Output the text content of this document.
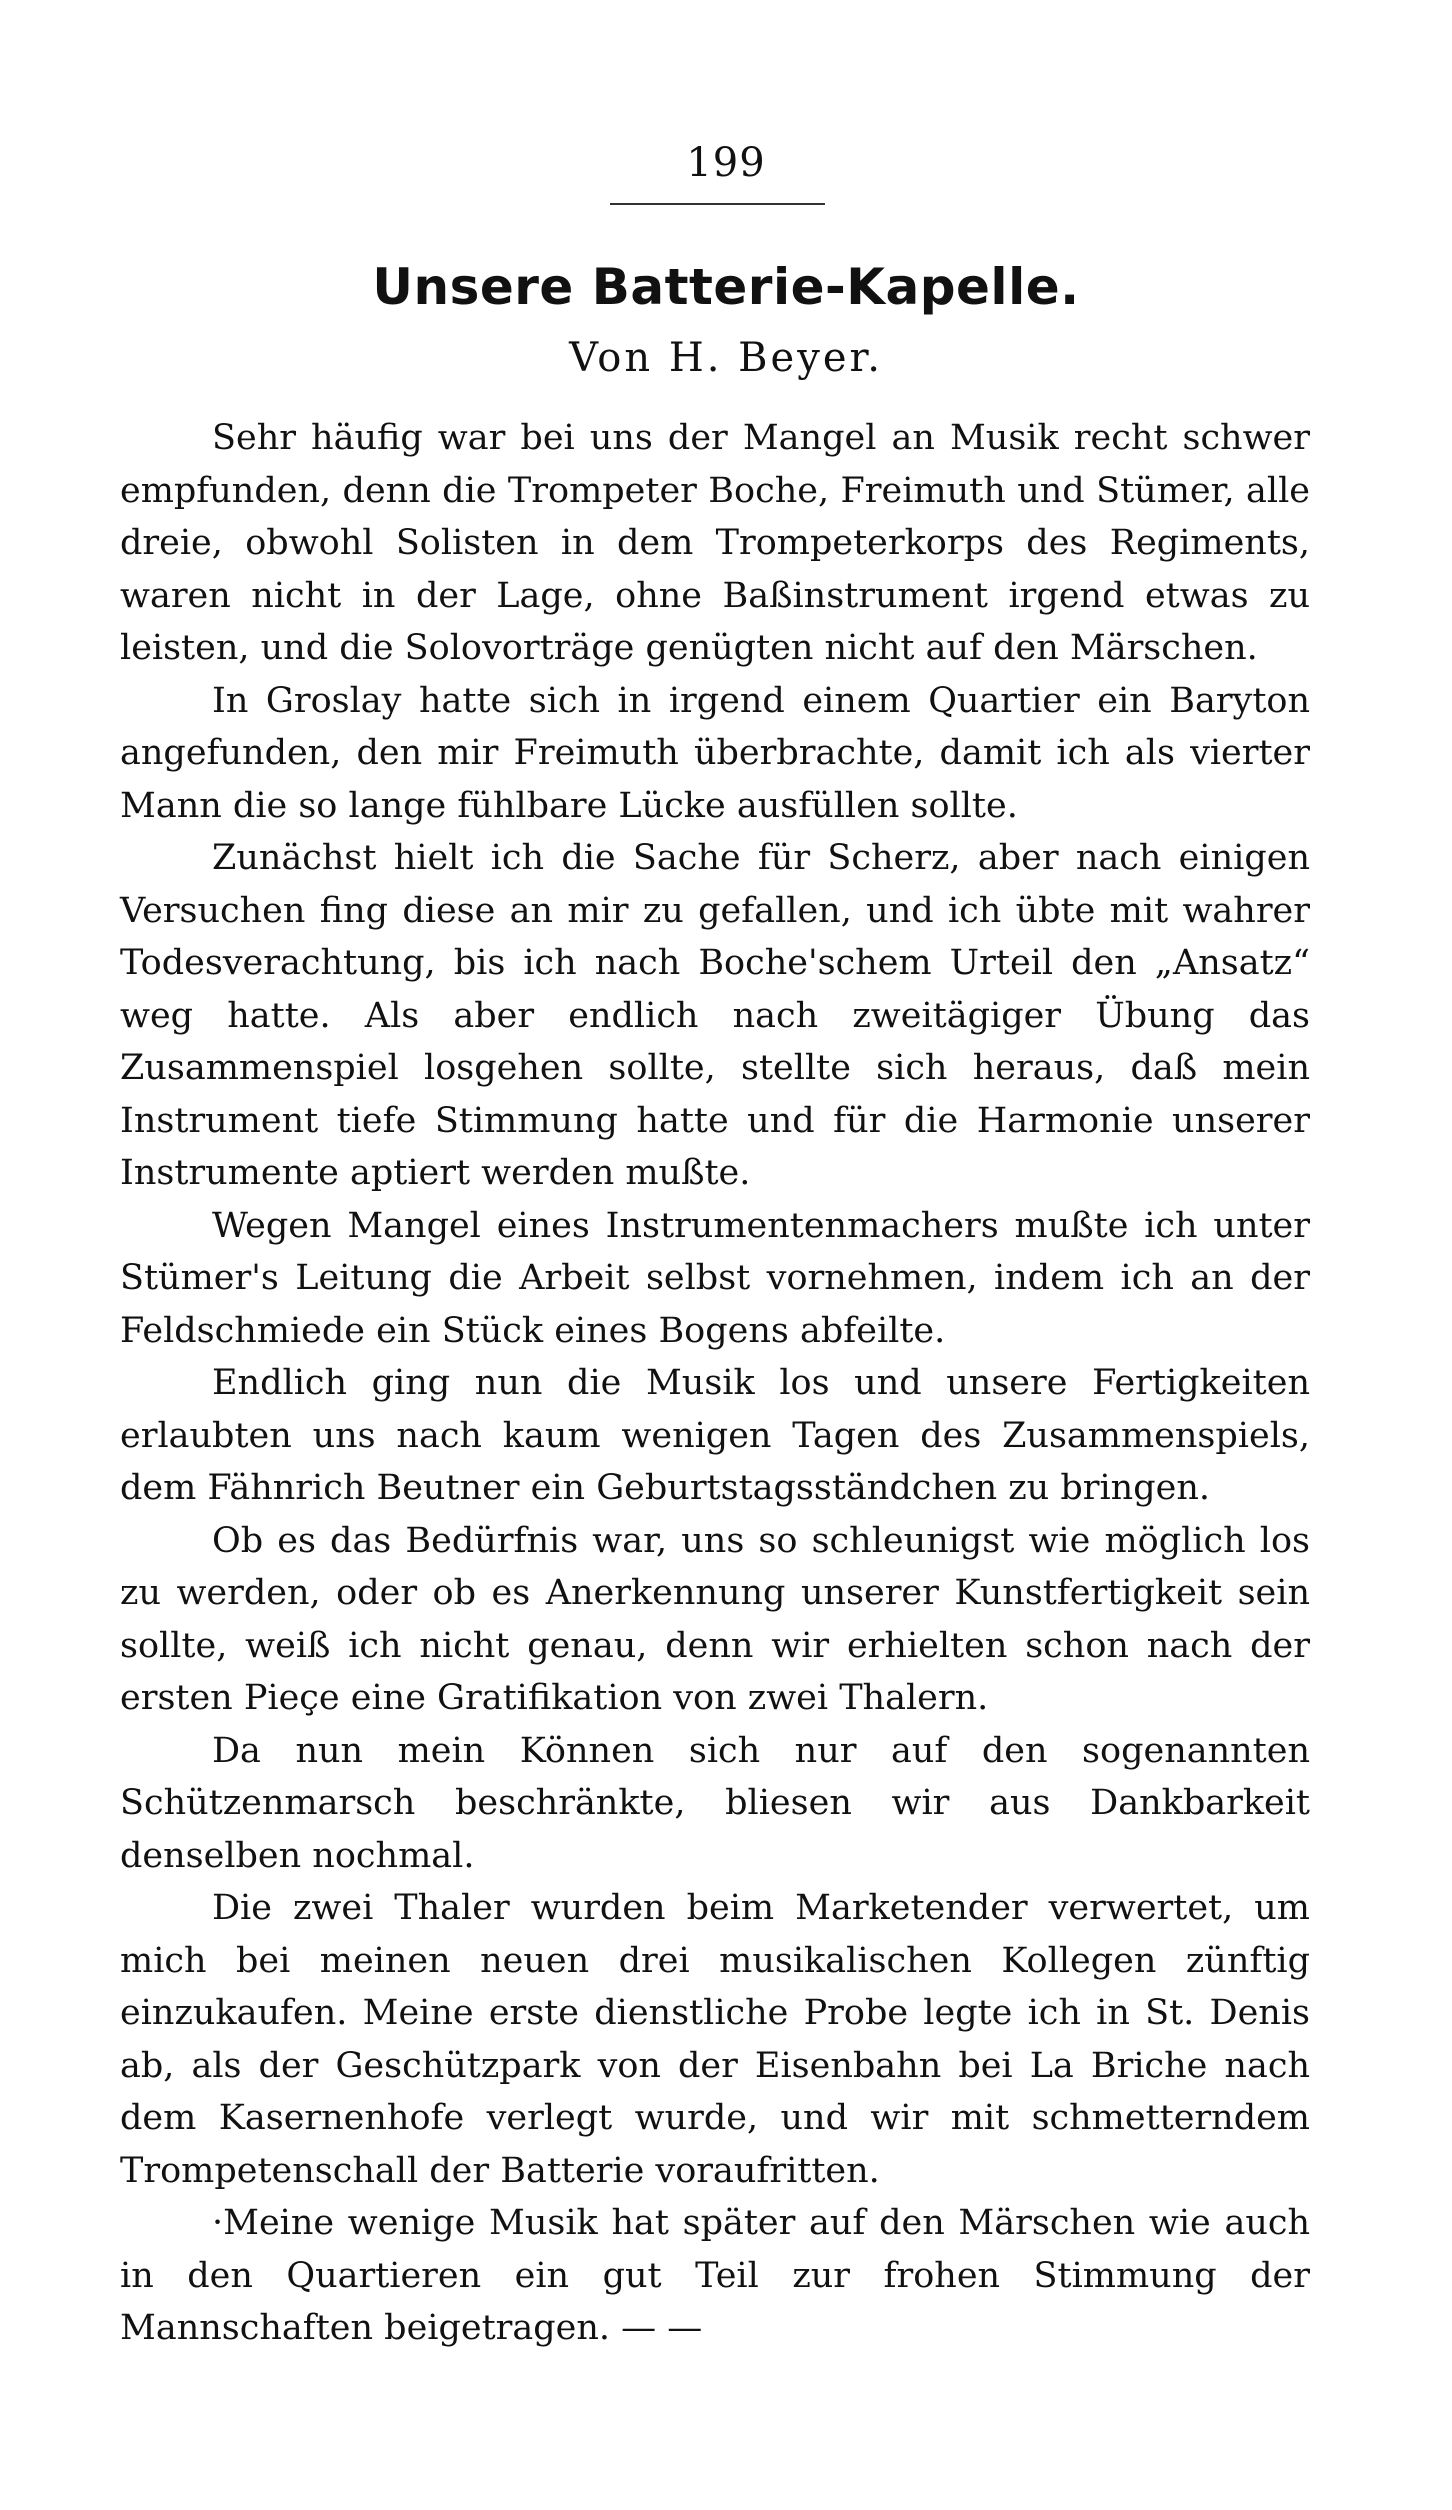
199
Unsere Batterie-Kapelle.
Von H. Beyer.

Sehr häufig war bei uns der Mangel an Musik recht schwer empfunden, denn die Trompeter Boche, Freimuth und Stümer, alle dreie, obwohl Solisten in dem Trompeterkorps des Regiments, waren nicht in der Lage, ohne Baßinstrument irgend etwas zu leisten, und die Solovorträge genügten nicht auf den Märschen.

In Groslay hatte sich in irgend einem Quartier ein Baryton angefunden, den mir Freimuth überbrachte, damit ich als vierter Mann die so lange fühlbare Lücke ausfüllen sollte.

Zunächst hielt ich die Sache für Scherz, aber nach einigen Versuchen fing diese an mir zu gefallen, und ich übte mit wahrer Todesverachtung, bis ich nach Boche'schem Urteil den „Ansatz“ weg hatte. Als aber endlich nach zweitägiger Übung das Zusammenspiel losgehen sollte, stellte sich heraus, daß mein Instrument tiefe Stimmung hatte und für die Harmonie unserer Instrumente aptiert werden mußte.

Wegen Mangel eines Instrumentenmachers mußte ich unter Stümer's Leitung die Arbeit selbst vornehmen, indem ich an der Feldschmiede ein Stück eines Bogens abfeilte.

Endlich ging nun die Musik los und unsere Fertigkeiten erlaubten uns nach kaum wenigen Tagen des Zusammenspiels, dem Fähnrich Beutner ein Geburtstagsständchen zu bringen.

Ob es das Bedürfnis war, uns so schleunigst wie möglich los zu werden, oder ob es Anerkennung unserer Kunstfertigkeit sein sollte, weiß ich nicht genau, denn wir erhielten schon nach der ersten Pieçe eine Gratifikation von zwei Thalern.

Da nun mein Können sich nur auf den sogenannten Schützenmarsch beschränkte, bliesen wir aus Dankbarkeit denselben nochmal.

Die zwei Thaler wurden beim Marketender verwertet, um mich bei meinen neuen drei musikalischen Kollegen zünftig einzukaufen. Meine erste dienstliche Probe legte ich in St. Denis ab, als der Geschützpark von der Eisenbahn bei La Briche nach dem Kasernenhofe verlegt wurde, und wir mit schmetterndem Trompetenschall der Batterie voraufritten.

·Meine wenige Musik hat später auf den Märschen wie auch in den Quartieren ein gut Teil zur frohen Stimmung der Mannschaften beigetragen. — —
